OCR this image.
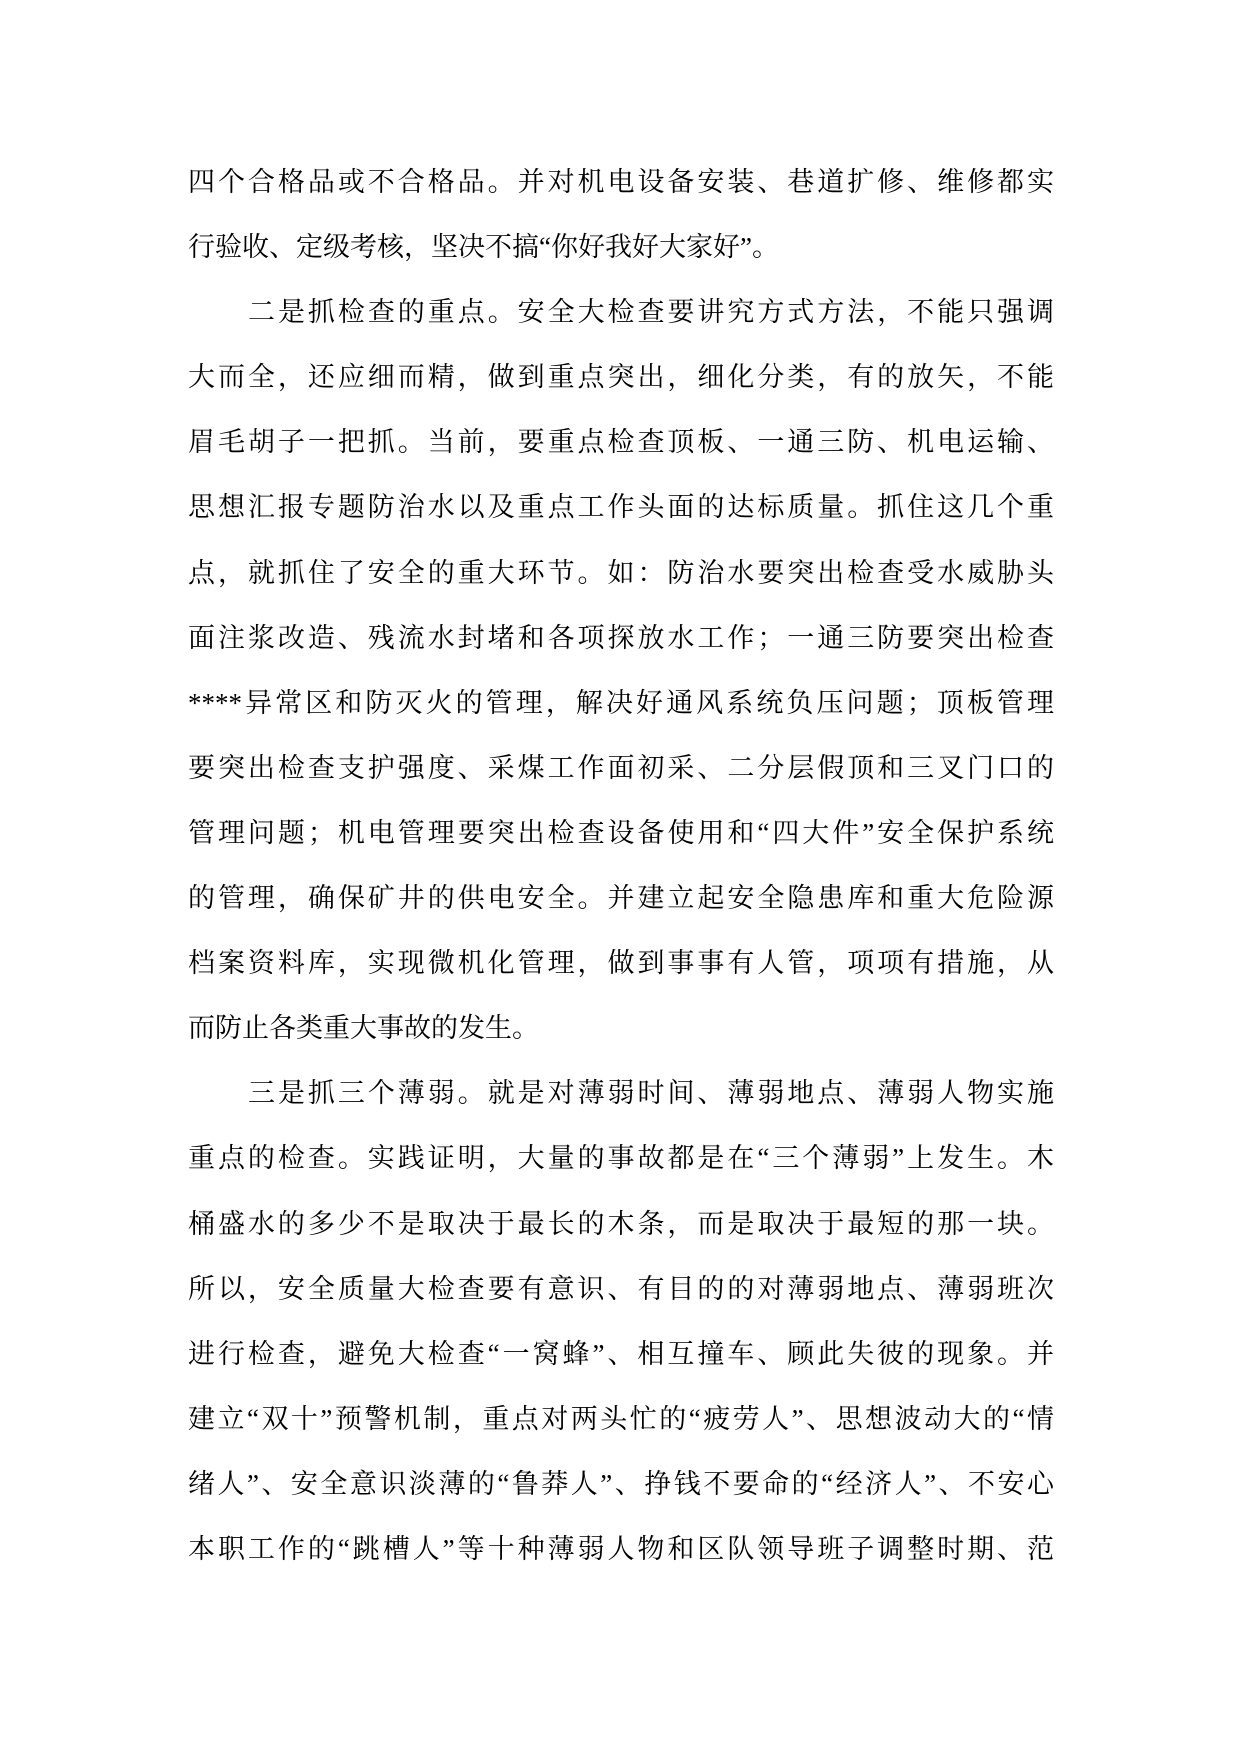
四个合格品或不合格品。并对机电设备安装、巷道扩修、维修都实

行验收、定级考核，坚决不搞“你好我好大家好”。

二是抓检查的重点。安全大检查要讲究方式方法，不能只强调

大而全，还应细而精，做到重点突出，细化分类，有的放矢，不能

眉毛胡子一把抓。当前，要重点检查顶板、一通三防、机电运输、

思想汇报专题防治水以及重点工作头面的达标质量。抓住这几个重

点，就抓住了安全的重大环节。如：防治水要突出检查受水威胁头

面注浆改造、残流水封堵和各项探放水工作；一通三防要突出检查

****异常区和防灭火的管理，解决好通风系统负压问题；顶板管理

要突出检查支护强度、采煤工作面初采、二分层假顶和三叉门口的

管理问题；机电管理要突出检查设备使用和“四大件”安全保护系统

的管理，确保矿井的供电安全。并建立起安全隐患库和重大危险源

档案资料库，实现微机化管理，做到事事有人管，项项有措施，从

而防止各类重大事故的发生。

三是抓三个薄弱。就是对薄弱时间、薄弱地点、薄弱人物实施

重点的检查。实践证明，大量的事故都是在“三个薄弱”上发生。木

桶盛水的多少不是取决于最长的木条，而是取决于最短的那一块。

所以，安全质量大检查要有意识、有目的的对薄弱地点、薄弱班次

进行检查，避免大检查“一窝蜂”、相互撞车、顾此失彼的现象。并

建立“双十”预警机制，重点对两头忙的“疲劳人”、思想波动大的“情

绪人”、安全意识淡薄的“鲁莽人”、挣钱不要命的“经济人”、不安心

本职工作的“跳槽人”等十种薄弱人物和区队领导班子调整时期、范
